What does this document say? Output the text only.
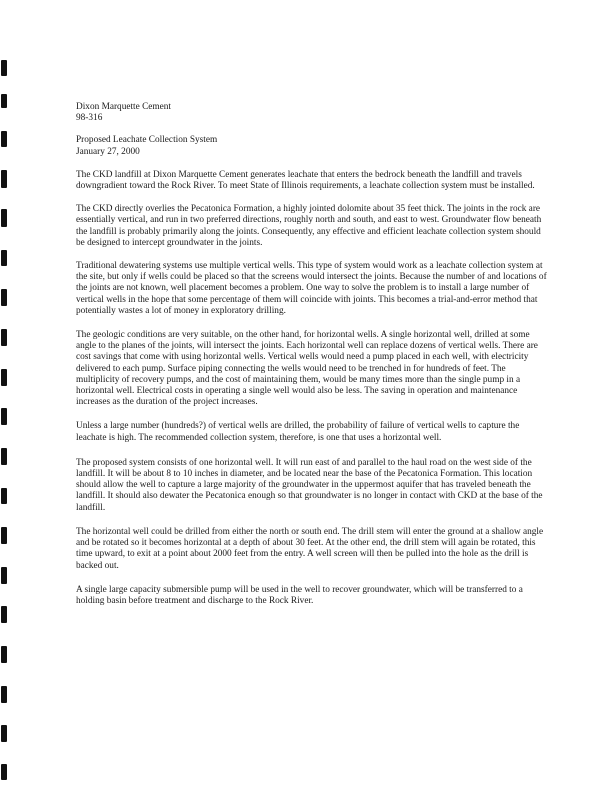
Dixon Marquette Cement
98-316
Proposed Leachate Collection System
January 27, 2000

The CKD landfill at Dixon Marquette Cement generates leachate that enters the bedrock beneath the landfill and travels downgradient toward the Rock River. To meet State of Illinois requirements, a leachate collection system must be installed.

The CKD directly overlies the Pecatonica Formation, a highly jointed dolomite about 35 feet thick. The joints in the rock are essentially vertical, and run in two preferred directions, roughly north and south, and east to west. Groundwater flow beneath the landfill is probably primarily along the joints. Consequently, any effective and efficient leachate collection system should be designed to intercept groundwater in the joints.

Traditional dewatering systems use multiple vertical wells. This type of system would work as a leachate collection system at the site, but only if wells could be placed so that the screens would intersect the joints. Because the number of and locations of the joints are not known, well placement becomes a problem. One way to solve the problem is to install a large number of vertical wells in the hope that some percentage of them will coincide with joints. This becomes a trial-and-error method that potentially wastes a lot of money in exploratory drilling.

The geologic conditions are very suitable, on the other hand, for horizontal wells. A single horizontal well, drilled at some angle to the planes of the joints, will intersect the joints. Each horizontal well can replace dozens of vertical wells. There are cost savings that come with using horizontal wells. Vertical wells would need a pump placed in each well, with electricity delivered to each pump. Surface piping connecting the wells would need to be trenched in for hundreds of feet. The multiplicity of recovery pumps, and the cost of maintaining them, would be many times more than the single pump in a horizontal well. Electrical costs in operating a single well would also be less. The saving in operation and maintenance increases as the duration of the project increases.

Unless a large number (hundreds?) of vertical wells are drilled, the probability of failure of vertical wells to capture the leachate is high. The recommended collection system, therefore, is one that uses a horizontal well.

The proposed system consists of one horizontal well. It will run east of and parallel to the haul road on the west side of the landfill. It will be about 8 to 10 inches in diameter, and be located near the base of the Pecatonica Formation. This location should allow the well to capture a large majority of the groundwater in the uppermost aquifer that has traveled beneath the landfill. It should also dewater the Pecatonica enough so that groundwater is no longer in contact with CKD at the base of the landfill.

The horizontal well could be drilled from either the north or south end. The drill stem will enter the ground at a shallow angle and be rotated so it becomes horizontal at a depth of about 30 feet. At the other end, the drill stem will again be rotated, this time upward, to exit at a point about 2000 feet from the entry. A well screen will then be pulled into the hole as the drill is backed out.

A single large capacity submersible pump will be used in the well to recover groundwater, which will be transferred to a holding basin before treatment and discharge to the Rock River.
